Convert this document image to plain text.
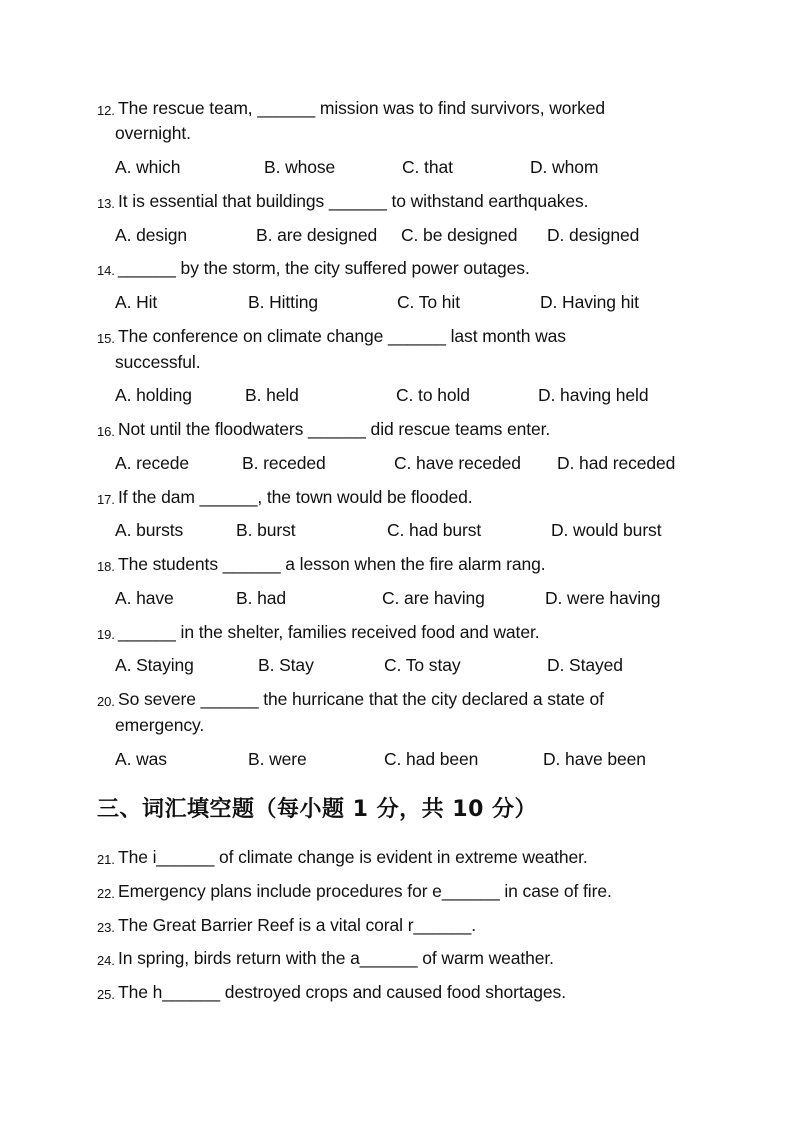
12. The rescue team, ______ mission was to find survivors, worked
overnight.
A. which	B. whose	C. that	D. whom
13. It is essential that buildings ______ to withstand earthquakes.
A. design	B. are designed C. be designed D. designed
14. ______ by the storm, the city suffered power outages.
A. Hit	B. Hitting	C. To hit	D. Having hit
15. The conference on climate change ______ last month was
successful.
A. holding	B. held	C. to hold	D. having held
16. Not until the floodwaters ______ did rescue teams enter.
A. recede	B. receded	C. have receded D. had receded
17. If the dam ______, the town would be flooded.
A. bursts	B. burst	C. had burst	D. would burst
18. The students ______ a lesson when the fire alarm rang.
A. have	B. had	C. are having	D. were having
19. ______ in the shelter, families received food and water.
A. Staying	B. Stay	C. To stay	D. Stayed
20. So severe ______ the hurricane that the city declared a state of
emergency.
A. was	B. were	C. had been	D. have been
三、词汇填空题（每小题 1 分，共 10 分）
21. The i______ of climate change is evident in extreme weather.
22. Emergency plans include procedures for e______ in case of fire.
23. The Great Barrier Reef is a vital coral r______.
24. In spring, birds return with the a______ of warm weather.
25. The h______ destroyed crops and caused food shortages.
